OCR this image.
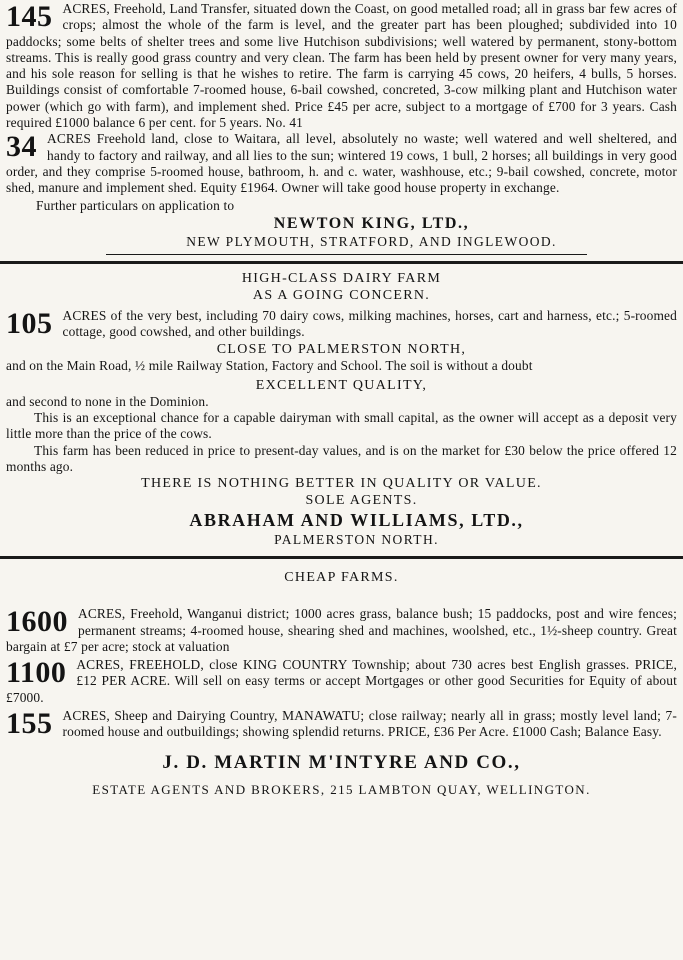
145 ACRES, Freehold, Land Transfer, situated down the Coast, on good metalled road; all in grass bar few acres of crops; almost the whole of the farm is level, and the greater part has been ploughed; subdivided into 10 paddocks; some belts of shelter trees and some live Hutchison subdivisions; well watered by permanent, stony-bottom streams. This is really good grass country and very clean. The farm has been held by present owner for very many years, and his sole reason for selling is that he wishes to retire. The farm is carrying 45 cows, 20 heifers, 4 bulls, 5 horses. Buildings consist of comfortable 7-roomed house, 6-bail cowshed, concreted, 3-cow milking plant and Hutchison water power (which go with farm), and implement shed. Price £45 per acre, subject to a mortgage of £700 for 3 years. Cash required £1000 balance 6 per cent. for 5 years. No. 41

34 ACRES Freehold land, close to Waitara, all level, absolutely no waste; well watered and well sheltered, and handy to factory and railway, and all lies to the sun; wintered 19 cows, 1 bull, 2 horses; all buildings in very good order, and they comprise 5-roomed house, bathroom, h. and c. water, washhouse, etc.; 9-bail cowshed, concrete, motor shed, manure and implement shed. Equity £1964. Owner will take good house property in exchange.

Further particulars on application to

NEWTON KING, LTD.,

NEW PLYMOUTH, STRATFORD, AND INGLEWOOD.

HIGH-CLASS DAIRY FARM

AS A GOING CONCERN.

105 ACRES of the very best, including 70 dairy cows, milking machines, horses, cart and harness, etc.; 5-roomed cottage, good cowshed, and other buildings.

CLOSE TO PALMERSTON NORTH,

and on the Main Road, ½ mile Railway Station, Factory and School. The soil is without a doubt

EXCELLENT QUALITY,

and second to none in the Dominion.

This is an exceptional chance for a capable dairyman with small capital, as the owner will accept as a deposit very little more than the price of the cows.

This farm has been reduced in price to present-day values, and is on the market for £30 below the price offered 12 months ago.

THERE IS NOTHING BETTER IN QUALITY OR VALUE.

SOLE AGENTS.

ABRAHAM AND WILLIAMS, LTD.,

PALMERSTON NORTH.

CHEAP FARMS.

1600 ACRES, Freehold, Wanganui district; 1000 acres grass, balance bush; 15 paddocks, post and wire fences; permanent streams; 4-roomed house, shearing shed and machines, woolshed, etc., 1½-sheep country. Great bargain at £7 per acre; stock at valuation

1100 ACRES, FREEHOLD, close KING COUNTRY Township; about 730 acres best English grasses. PRICE, £12 PER ACRE. Will sell on easy terms or accept Mortgages or other good Securities for Equity of about £7000.

155 ACRES, Sheep and Dairying Country, MANAWATU; close railway; nearly all in grass; mostly level land; 7-roomed house and outbuildings; showing splendid returns. PRICE, £36 Per Acre. £1000 Cash; Balance Easy.

J. D. MARTIN M'INTYRE AND CO.,

ESTATE AGENTS AND BROKERS, 215 LAMBTON QUAY, WELLINGTON.
